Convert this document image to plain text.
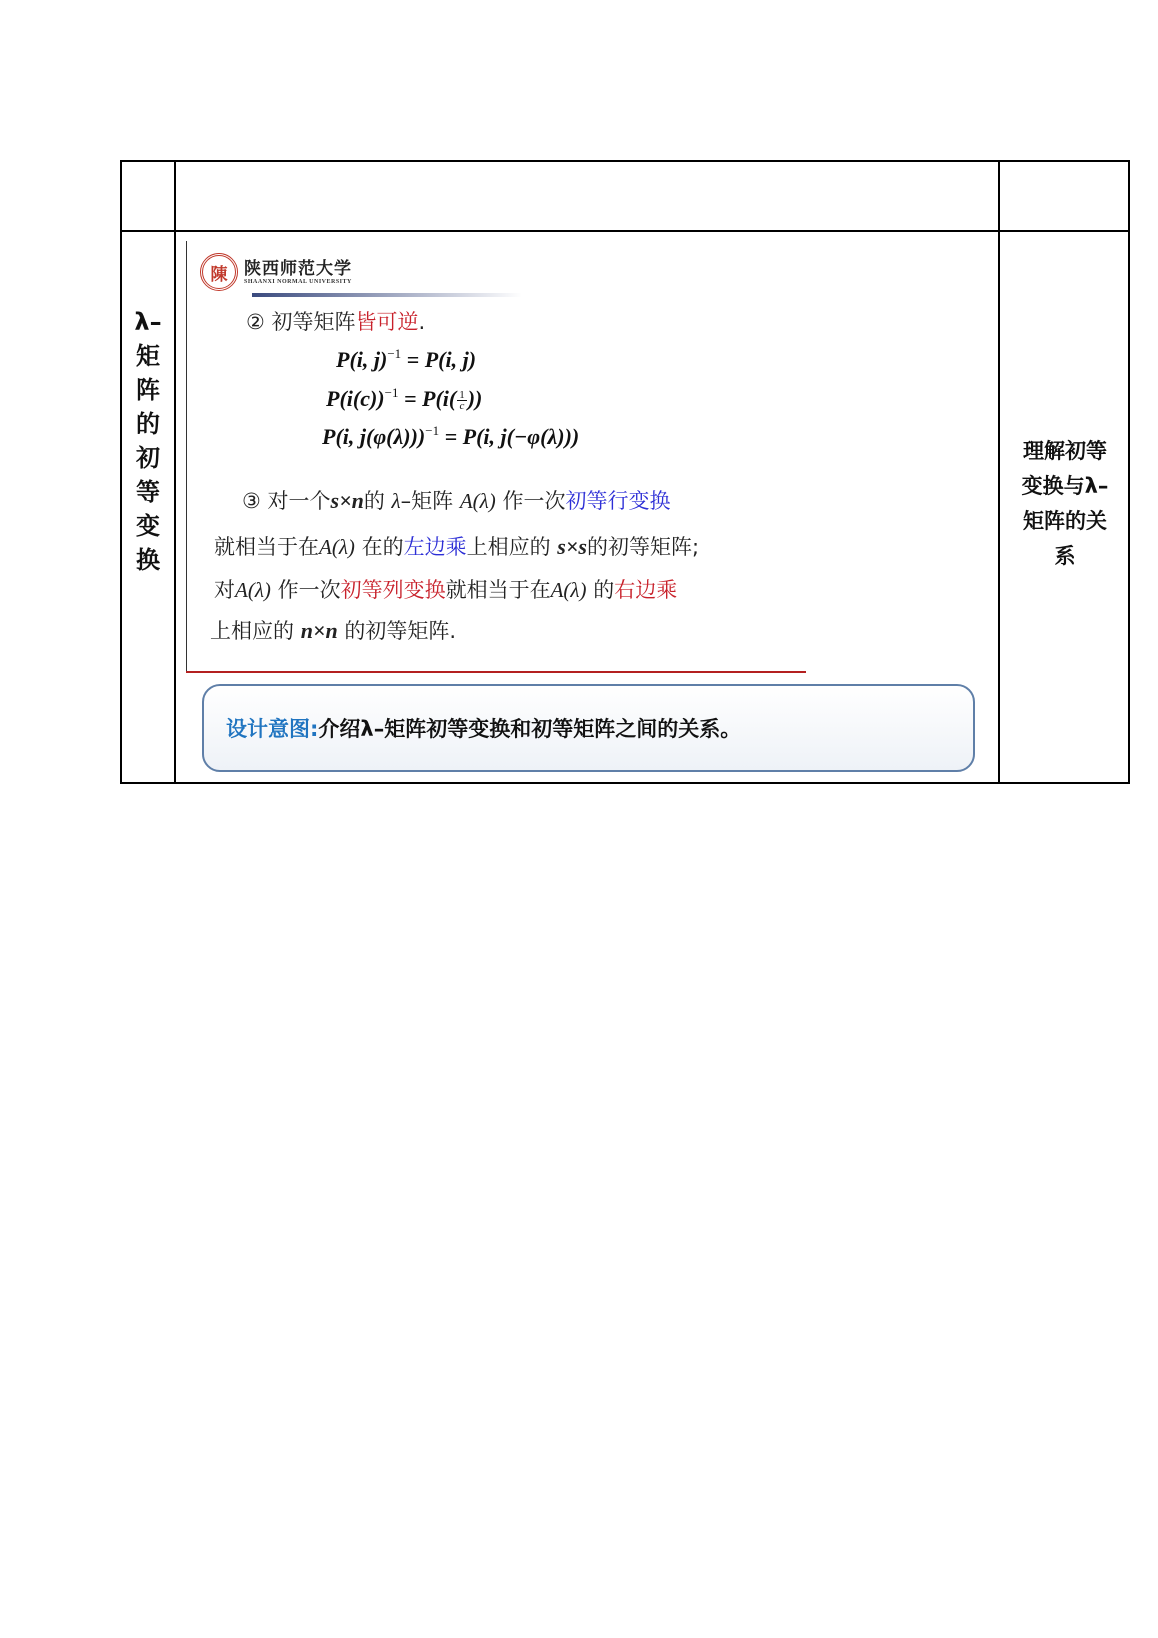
λ–
矩
阵
的
初
等
变
换
陳 陕西师范大学
SHAANXI NORMAL UNIVERSITY
② 初等矩阵皆可逆.
P(i, j)$^{-1}$ = P(i, j)
$P(i(c))^{-1} = P(i( \frac{1}{c}$ ))
P(i, j(φ(λ)))$^{-1}$ = P(i, j(−φ(λ)))
③ 对一个s×n的 λ–矩阵 A(λ) 作一次初等行变换
就相当于在A(λ) 在的左边乘上相应的 s×s的初等矩阵;
对A(λ) 作一次初等列变换就相当于在A(λ) 的右边乘
上相应的 n×n 的初等矩阵.
设计意图: 介绍λ–矩阵初等变换和初等矩阵之间的关系。
理解初等
变换与λ–
矩阵的关
系
